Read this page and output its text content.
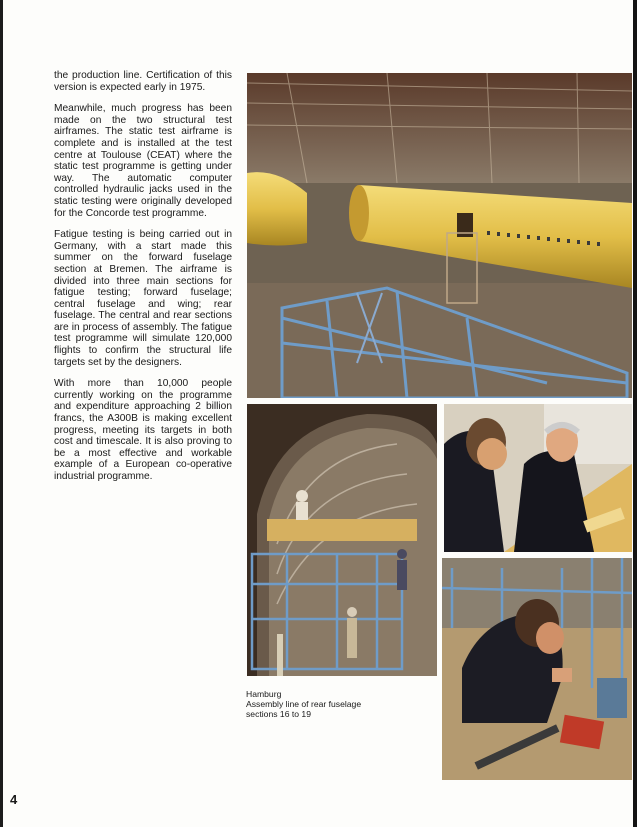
the production line. Certification of this version is expected early in 1975.

Meanwhile, much progress has been made on the two structural test airframes. The static test airframe is complete and is installed at the test centre at Toulouse (CEAT) where the static test programme is getting under way. The automatic computer controlled hydraulic jacks used in the static testing were originally developed for the Concorde test programme.

Fatigue testing is being carried out in Germany, with a start made this summer on the forward fuselage section at Bremen. The airframe is divided into three main sections for fatigue testing; forward fuselage; central fuselage and wing; rear fuselage. The central and rear sections are in process of assembly. The fatigue test programme will simulate 120,000 flights to confirm the structural life targets set by the designers.

With more than 10,000 people currently working on the programme and expenditure approaching 2 billion francs, the A300B is making excellent progress, meeting its targets in both cost and timescale. It is also proving to be a most effective and workable example of a European co-operative industrial programme.

Hamburg
Assembly line of rear fuselage
sections 16 to 19
4
